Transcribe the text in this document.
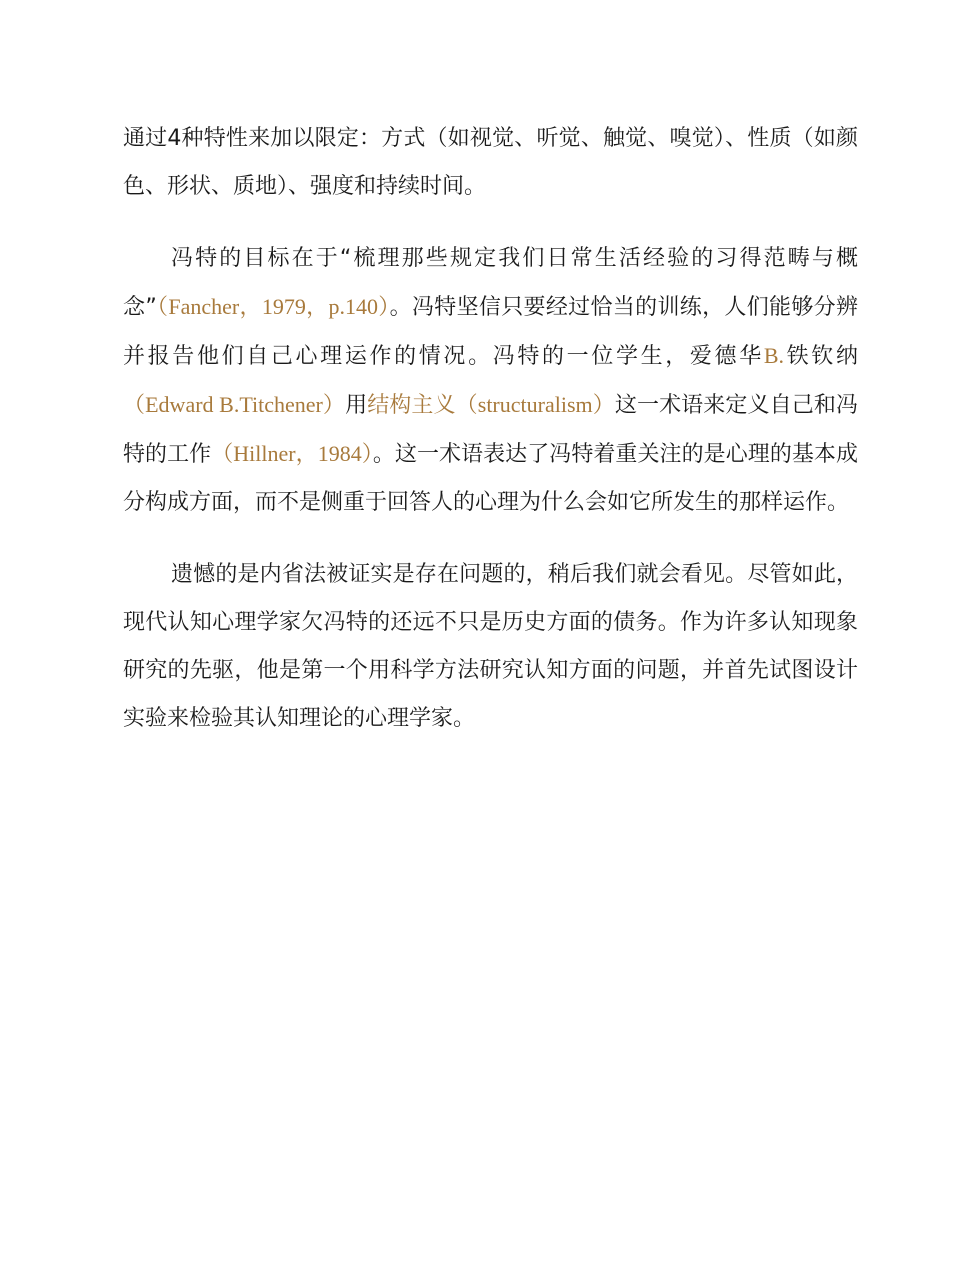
通过4种特性来加以限定：方式（如视觉、听觉、触觉、嗅觉）、性质（如颜色、形状、质地）、强度和持续时间。

冯特的目标在于“梳理那些规定我们日常生活经验的习得范畴与概念”（Fancher，1979，p.140）。冯特坚信只要经过恰当的训练，人们能够分辨并报告他们自己心理运作的情况。冯特的一位学生，爱德华B.铁钦纳（Edward B.Titchener）用结构主义（structuralism）这一术语来定义自己和冯特的工作（Hillner，1984）。这一术语表达了冯特着重关注的是心理的基本成分构成方面，而不是侧重于回答人的心理为什么会如它所发生的那样运作。

遗憾的是内省法被证实是存在问题的，稍后我们就会看见。尽管如此，现代认知心理学家欠冯特的还远不只是历史方面的债务。作为许多认知现象研究的先驱，他是第一个用科学方法研究认知方面的问题，并首先试图设计实验来检验其认知理论的心理学家。
